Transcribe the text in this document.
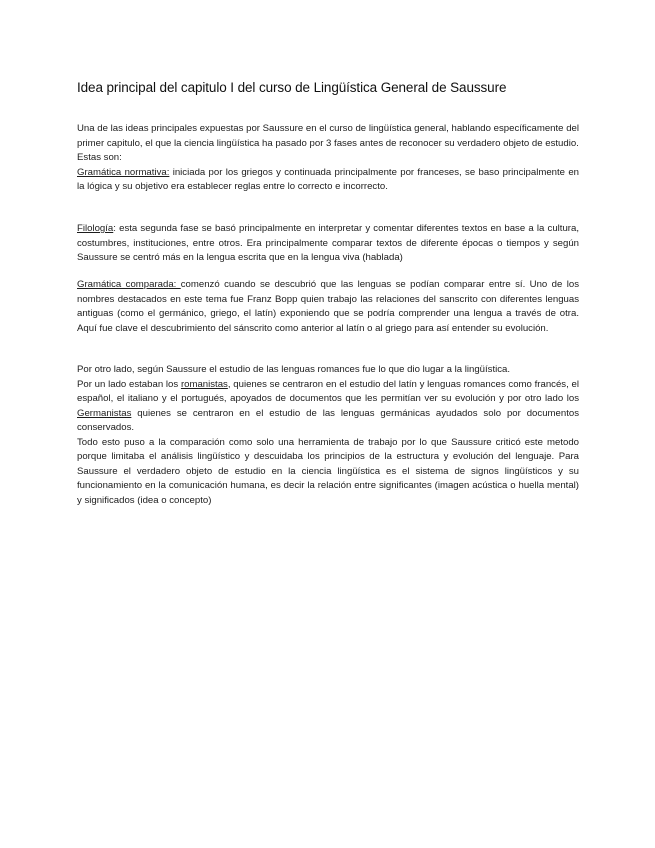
Idea principal del capitulo I del curso de Lingüística General de Saussure

Una de las ideas principales expuestas por Saussure en el curso de lingüística general, hablando específicamente del primer capitulo, el que la ciencia lingüística ha pasado por 3 fases antes de reconocer su verdadero objeto de estudio.

Estas son:

Gramática normativa: iniciada por los griegos y continuada principalmente por franceses, se baso principalmente en la lógica y su objetivo era establecer reglas entre lo correcto e incorrecto.

Filología: esta segunda fase se basó principalmente en interpretar y comentar diferentes textos en base a la cultura, costumbres, instituciones, entre otros. Era principalmente comparar textos de diferente épocas o tiempos y según Saussure se centró más en la lengua escrita que en la lengua viva (hablada)

Gramática comparada: comenzó cuando se descubrió que las lenguas se podían comparar entre sí. Uno de los nombres destacados en este tema fue Franz Bopp quien trabajo las relaciones del sanscrito con diferentes lenguas antiguas (como el germánico, griego, el latín) exponiendo que se podría comprender una lengua a través de otra. Aquí fue clave el descubrimiento del sánscrito como anterior al latín o al griego para así entender su evolución.

Por otro lado, según Saussure el estudio de las lenguas romances fue lo que dio lugar a la lingüística.

Por un lado estaban los romanistas, quienes se centraron en el estudio del latín y lenguas romances como francés, el español, el italiano y el portugués, apoyados de documentos que les permitían ver su evolución y por otro lado los Germanistas quienes se centraron en el estudio de las lenguas germánicas ayudados solo por documentos conservados.

Todo esto puso a la comparación como solo una herramienta de trabajo por lo que Saussure criticó este metodo porque limitaba el análisis lingüístico y descuidaba los principios de la estructura y evolución del lenguaje. Para Saussure el verdadero objeto de estudio en la ciencia lingüística es el sistema de signos lingüísticos y su funcionamiento en la comunicación humana, es decir la relación entre significantes (imagen acústica o huella mental) y significados (idea o concepto)
